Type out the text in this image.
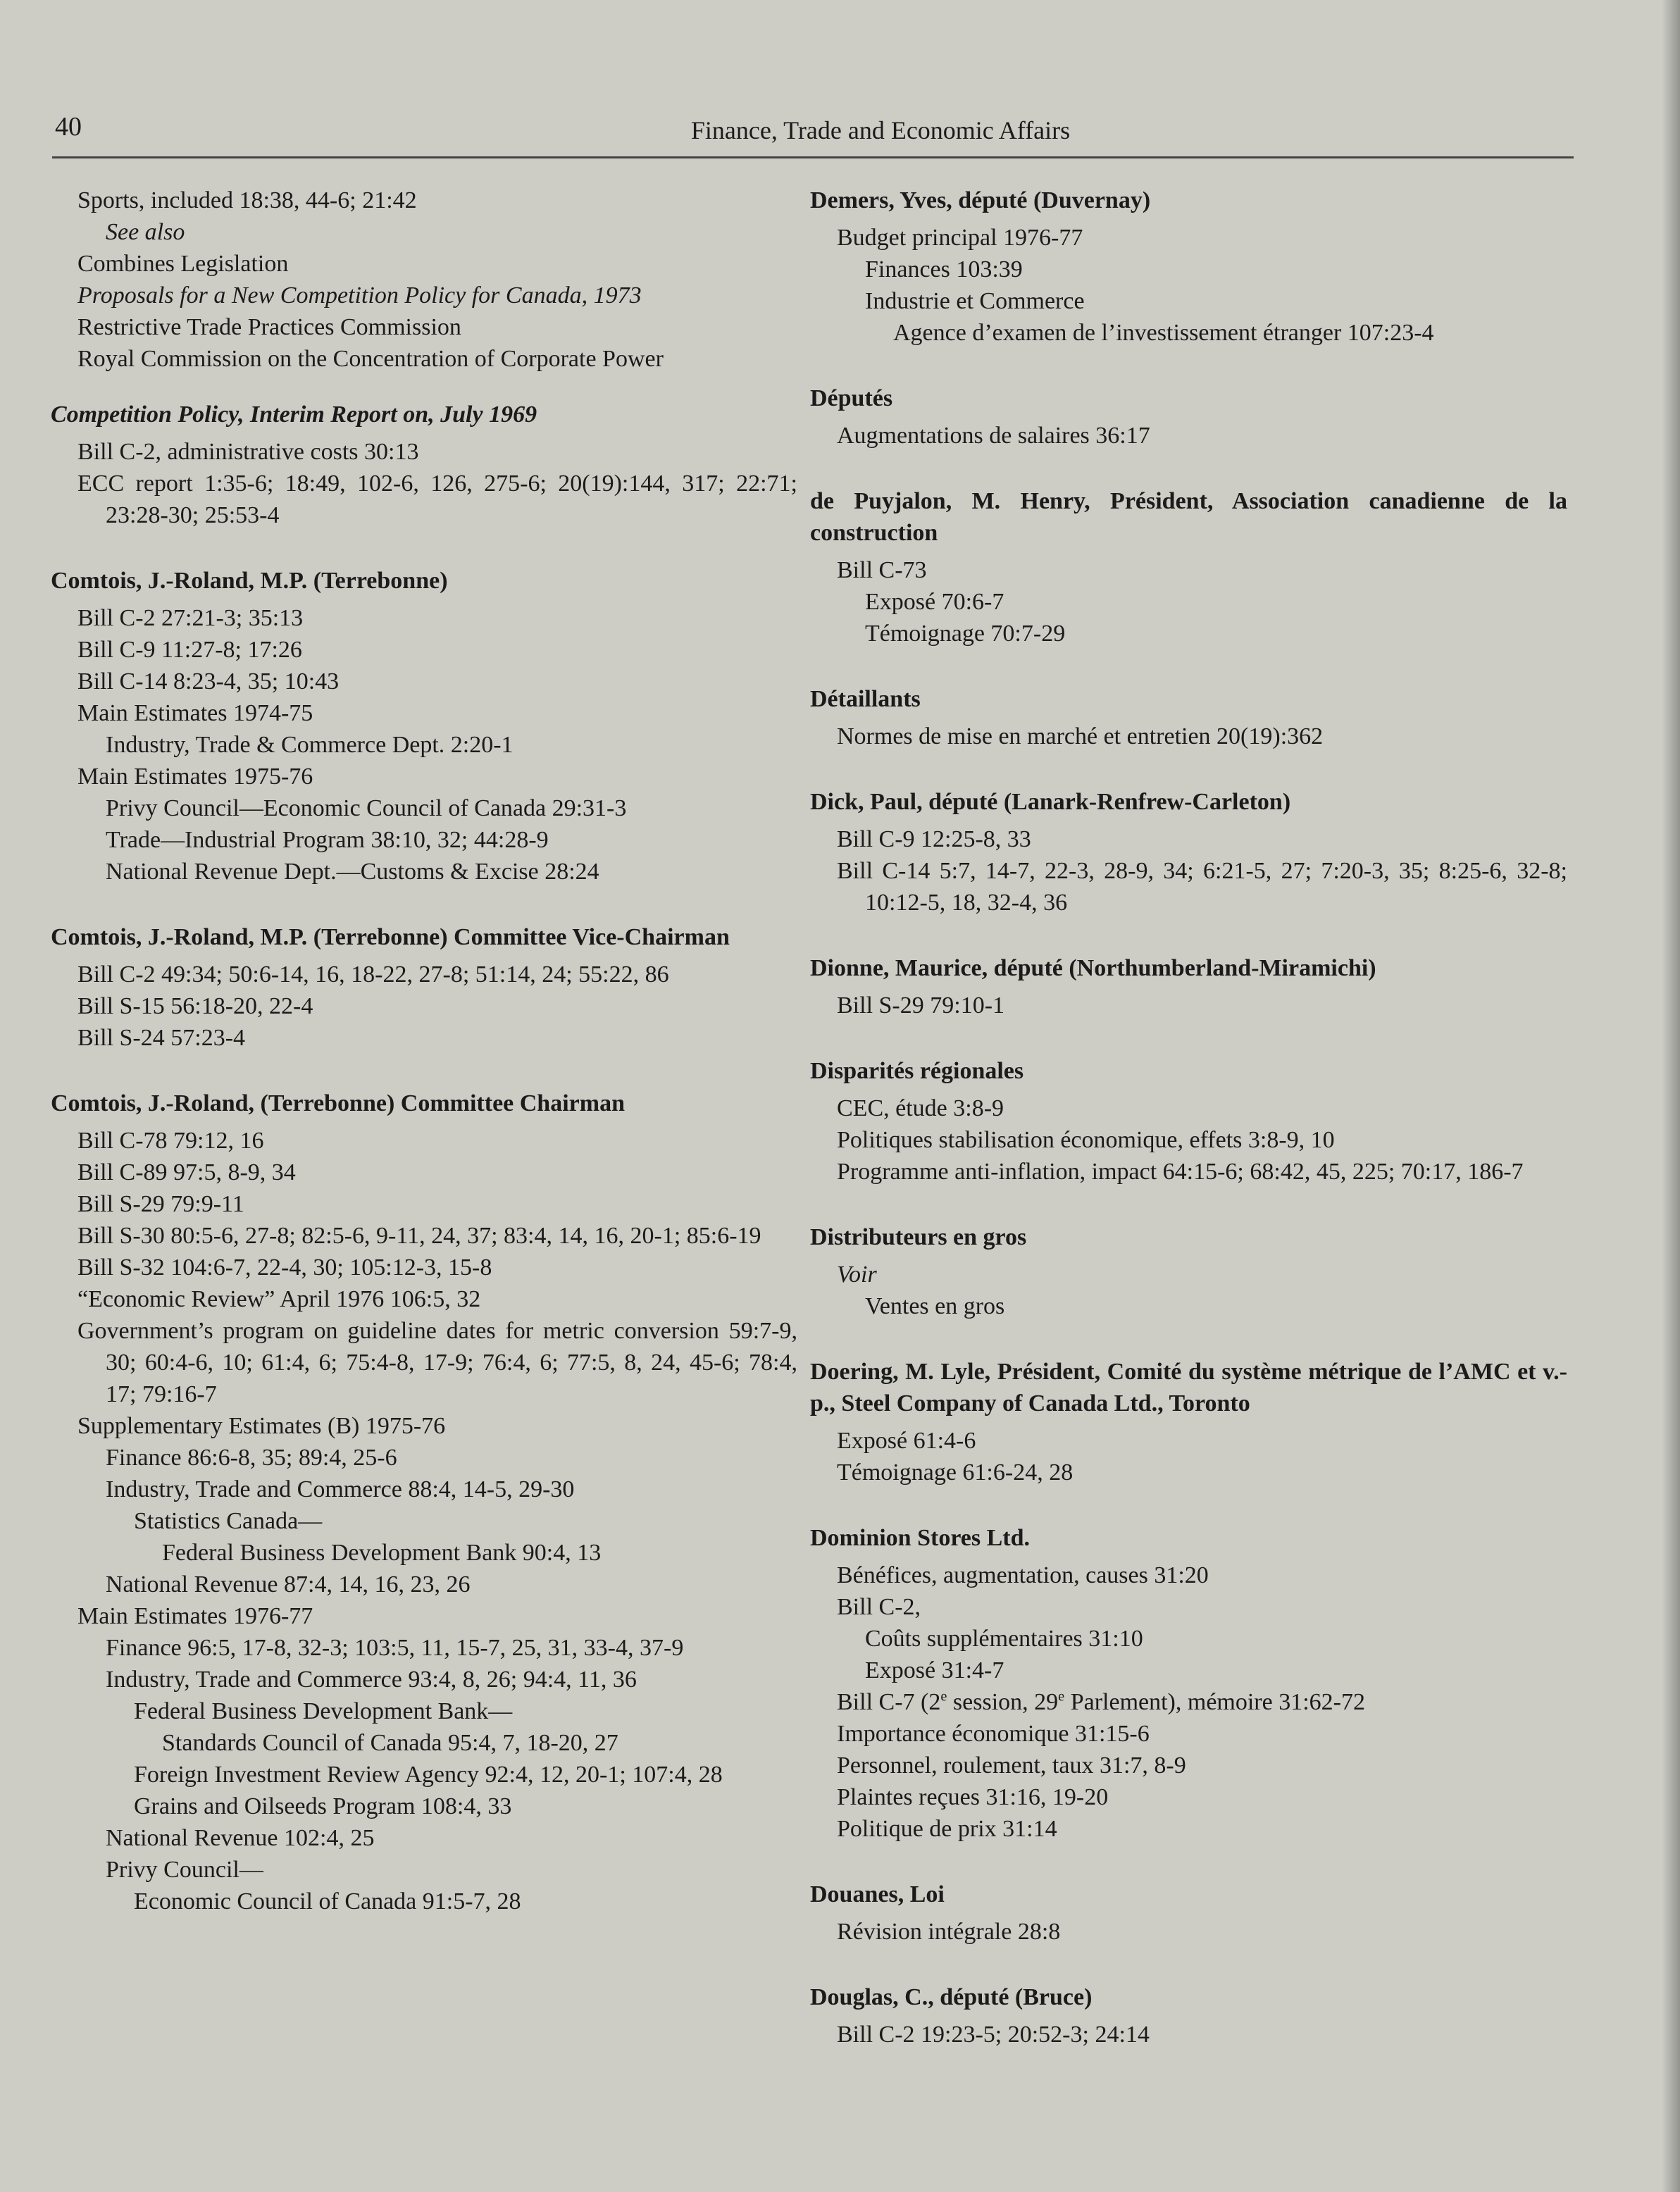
40	Finance, Trade and Economic Affairs
Sports, included 18:38, 44-6; 21:42
See also
Combines Legislation
Proposals for a New Competition Policy for Canada, 1973
Restrictive Trade Practices Commission
Royal Commission on the Concentration of Corporate Power
Competition Policy, Interim Report on, July 1969
Bill C-2, administrative costs 30:13
ECC report 1:35-6; 18:49, 102-6, 126, 275-6; 20(19):144, 317; 22:71; 23:28-30; 25:53-4
Comtois, J.-Roland, M.P. (Terrebonne)
Bill C-2 27:21-3; 35:13
Bill C-9 11:27-8; 17:26
Bill C-14 8:23-4, 35; 10:43
Main Estimates 1974-75
Industry, Trade & Commerce Dept. 2:20-1
Main Estimates 1975-76
Privy Council—Economic Council of Canada 29:31-3
Trade—Industrial Program 38:10, 32; 44:28-9
National Revenue Dept.—Customs & Excise 28:24
Comtois, J.-Roland, M.P. (Terrebonne) Committee Vice-Chairman
Bill C-2 49:34; 50:6-14, 16, 18-22, 27-8; 51:14, 24; 55:22, 86
Bill S-15 56:18-20, 22-4
Bill S-24 57:23-4
Comtois, J.-Roland, (Terrebonne) Committee Chairman
Bill C-78 79:12, 16
Bill C-89 97:5, 8-9, 34
Bill S-29 79:9-11
Bill S-30 80:5-6, 27-8; 82:5-6, 9-11, 24, 37; 83:4, 14, 16, 20-1; 85:6-19
Bill S-32 104:6-7, 22-4, 30; 105:12-3, 15-8
“Economic Review” April 1976 106:5, 32
Government’s program on guideline dates for metric conversion 59:7-9, 30; 60:4-6, 10; 61:4, 6; 75:4-8, 17-9; 76:4, 6; 77:5, 8, 24, 45-6; 78:4, 17; 79:16-7
Supplementary Estimates (B) 1975-76
Finance 86:6-8, 35; 89:4, 25-6
Industry, Trade and Commerce 88:4, 14-5, 29-30
Statistics Canada—
Federal Business Development Bank 90:4, 13
National Revenue 87:4, 14, 16, 23, 26
Main Estimates 1976-77
Finance 96:5, 17-8, 32-3; 103:5, 11, 15-7, 25, 31, 33-4, 37-9
Industry, Trade and Commerce 93:4, 8, 26; 94:4, 11, 36
Federal Business Development Bank—
Standards Council of Canada 95:4, 7, 18-20, 27
Foreign Investment Review Agency 92:4, 12, 20-1; 107:4, 28
Grains and Oilseeds Program 108:4, 33
National Revenue 102:4, 25
Privy Council—
Economic Council of Canada 91:5-7, 28
Demers, Yves, député (Duvernay)
Budget principal 1976-77
Finances 103:39
Industrie et Commerce
Agence d’examen de l’investissement étranger 107:23-4
Députés
Augmentations de salaires 36:17
de Puyjalon, M. Henry, Président, Association canadienne de la construction
Bill C-73
Exposé 70:6-7
Témoignage 70:7-29
Détaillants
Normes de mise en marché et entretien 20(19):362
Dick, Paul, député (Lanark-Renfrew-Carleton)
Bill C-9 12:25-8, 33
Bill C-14 5:7, 14-7, 22-3, 28-9, 34; 6:21-5, 27; 7:20-3, 35; 8:25-6, 32-8; 10:12-5, 18, 32-4, 36
Dionne, Maurice, député (Northumberland-Miramichi)
Bill S-29 79:10-1
Disparités régionales
CEC, étude 3:8-9
Politiques stabilisation économique, effets 3:8-9, 10
Programme anti-inflation, impact 64:15-6; 68:42, 45, 225; 70:17, 186-7
Distributeurs en gros
Voir
Ventes en gros
Doering, M. Lyle, Président, Comité du système métrique de l’AMC et v.-p., Steel Company of Canada Ltd., Toronto
Exposé 61:4-6
Témoignage 61:6-24, 28
Dominion Stores Ltd.
Bénéfices, augmentation, causes 31:20
Bill C-2,
Coûts supplémentaires 31:10
Exposé 31:4-7
Bill C-7 (2e session, 29e Parlement), mémoire 31:62-72
Importance économique 31:15-6
Personnel, roulement, taux 31:7, 8-9
Plaintes reçues 31:16, 19-20
Politique de prix 31:14
Douanes, Loi
Révision intégrale 28:8
Douglas, C., député (Bruce)
Bill C-2 19:23-5; 20:52-3; 24:14
